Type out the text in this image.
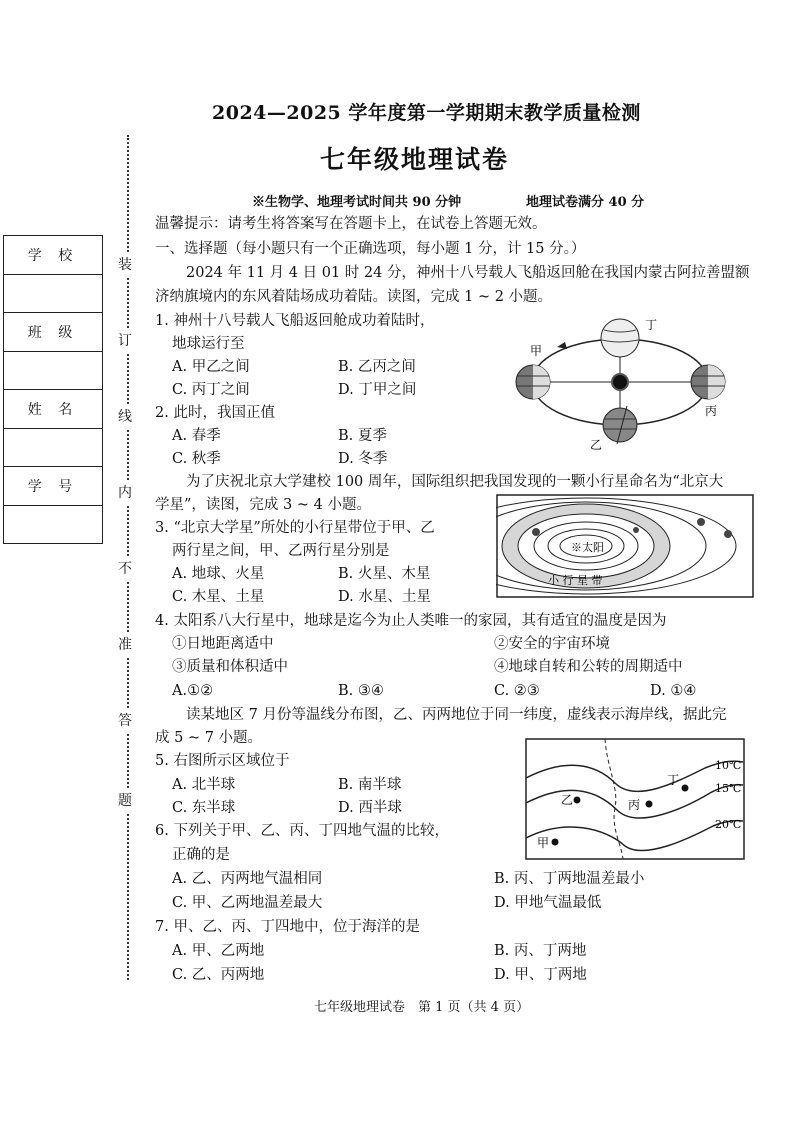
2024—2025 学年度第一学期期末教学质量检测
七年级地理试卷
※生物学、地理考试时间共 90 分钟	地理试卷满分 40 分
温馨提示：请考生将答案写在答题卡上，在试卷上答题无效。
装
订
线
内
不
准
答
题
学 校

班 级

姓 名

学 号

一、选择题（每小题只有一个正确选项，每小题 1 分，计 15 分。）
2024 年 11 月 4 日 01 时 24 分，神州十八号载人飞船返回舱在我国内蒙古阿拉善盟额
济纳旗境内的东风着陆场成功着陆。读图，完成 1 ~ 2 小题。
1. 神州十八号载人飞船返回舱成功着陆时，
地球运行至
A. 甲乙之间	B. 乙丙之间
C. 丙丁之间	D. 丁甲之间
2. 此时，我国正值
A. 春季	B. 夏季
C. 秋季	D. 冬季
甲
乙
丙
丁
为了庆祝北京大学建校 100 周年，国际组织把我国发现的一颗小行星命名为“北京大
学星”，读图，完成 3 ~ 4 小题。
3. “北京大学星”所处的小行星带位于甲、乙
两行星之间，甲、乙两行星分别是
A. 地球、火星	B. 火星、木星
C. 木星、土星	D. 水星、土星
※太阳
小 行 星 带
4. 太阳系八大行星中，地球是迄今为止人类唯一的家园，其有适宜的温度是因为
①日地距离适中	②安全的宇宙环境
③质量和体积适中	④地球自转和公转的周期适中
A.①②	B. ③④	C. ②③	D. ①④
读某地区 7 月份等温线分布图，乙、丙两地位于同一纬度，虚线表示海岸线，据此完
成 5 ~ 7 小题。
5. 右图所示区域位于
A. 北半球	B. 南半球
C. 东半球	D. 西半球
10℃
15℃
20℃
乙	丙
丁
甲
6. 下列关于甲、乙、丙、丁四地气温的比较，
正确的是
A. 乙、丙两地气温相同	B. 丙、丁两地温差最小
C. 甲、乙两地温差最大	D. 甲地气温最低
7. 甲、乙、丙、丁四地中，位于海洋的是
A. 甲、乙两地	B. 丙、丁两地
C. 乙、丙两地	D. 甲、丁两地
七年级地理试卷　第 1 页（共 4 页）
